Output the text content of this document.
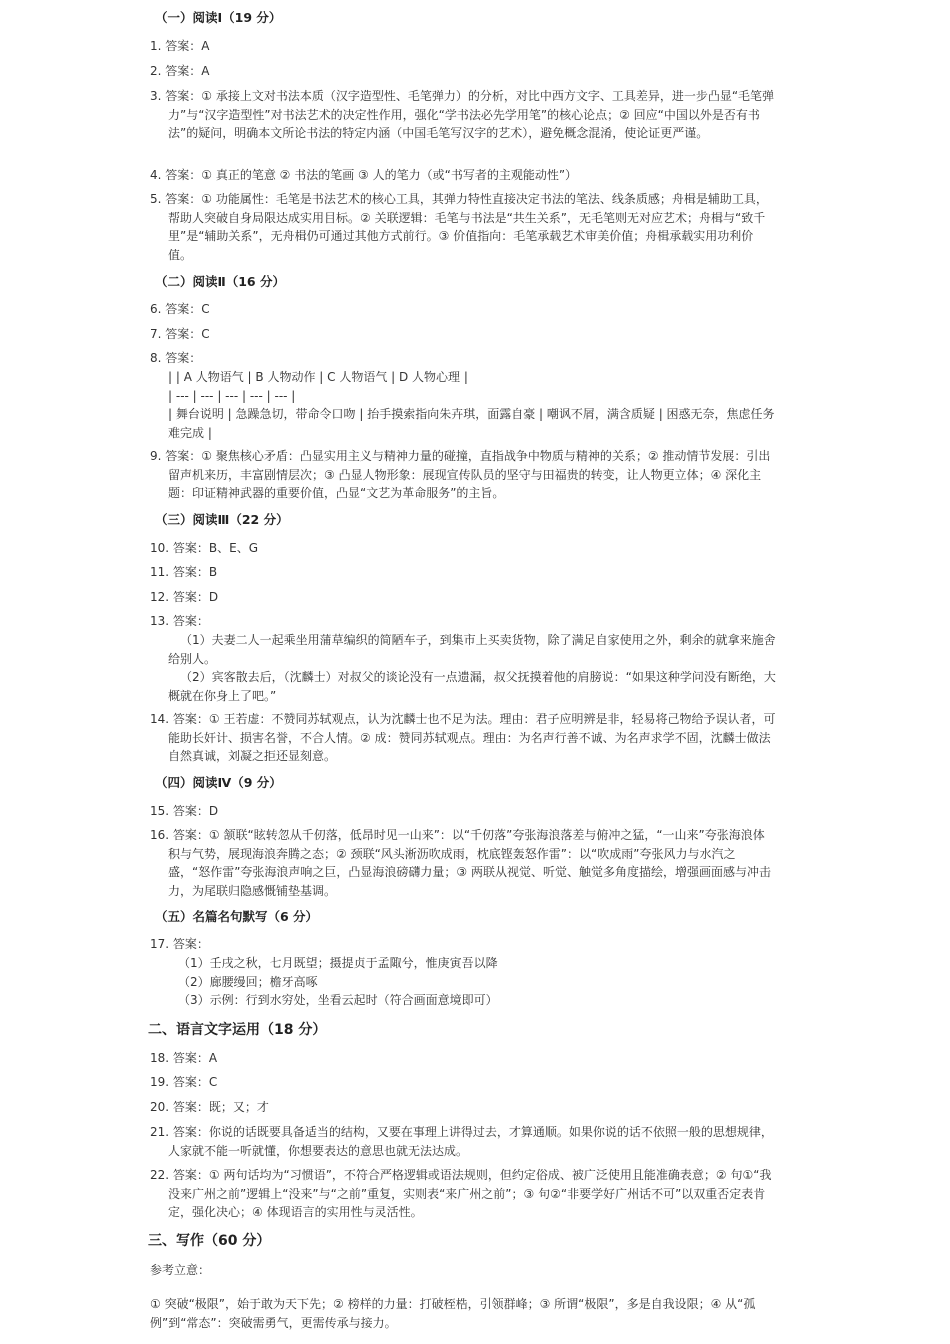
（一）阅读Ⅰ（19 分）
1. 答案：A
2. 答案：A
3. 答案：① 承接上文对书法本质（汉字造型性、毛笔弹力）的分析，对比中西方文字、工具差异，进一步凸显“毛笔弹力”与“汉字造型性”对书法艺术的决定性作用，强化“学书法必先学用笔”的核心论点；② 回应“中国以外是否有书法”的疑问，明确本文所论书法的特定内涵（中国毛笔写汉字的艺术），避免概念混淆，使论证更严谨。
4. 答案：① 真正的笔意 ② 书法的笔画 ③ 人的笔力（或“书写者的主观能动性”）
5. 答案：① 功能属性：毛笔是书法艺术的核心工具，其弹力特性直接决定书法的笔法、线条质感；舟楫是辅助工具，帮助人突破自身局限达成实用目标。② 关联逻辑：毛笔与书法是“共生关系”，无毛笔则无对应艺术；舟楫与“致千里”是“辅助关系”，无舟楫仍可通过其他方式前行。③ 价值指向：毛笔承载艺术审美价值；舟楫承载实用功利价值。
（二）阅读Ⅱ（16 分）
6. 答案：C
7. 答案：C
8. 答案：
| | A 人物语气 | B 人物动作 | C 人物语气 | D 人物心理 |
| --- | --- | --- | --- | --- |
| 舞台说明 | 急躁急切，带命令口吻 | 抬手摸索指向朱卉琪，面露自豪 | 嘲讽不屑，满含质疑 | 困惑无奈，焦虑任务难完成 |
9. 答案：① 聚焦核心矛盾：凸显实用主义与精神力量的碰撞，直指战争中物质与精神的关系；② 推动情节发展：引出留声机来历，丰富剧情层次；③ 凸显人物形象：展现宣传队员的坚守与田福贵的转变，让人物更立体；④ 深化主题：印证精神武器的重要价值，凸显“文艺为革命服务”的主旨。
（三）阅读Ⅲ（22 分）
10. 答案：B、E、G
11. 答案：B
12. 答案：D
13. 答案：
（1）夫妻二人一起乘坐用蒲草编织的简陋车子，到集市上买卖货物，除了满足自家使用之外，剩余的就拿来施舍给别人。
（2）宾客散去后，（沈麟士）对叔父的谈论没有一点遗漏，叔父抚摸着他的肩膀说：“如果这种学问没有断绝，大概就在你身上了吧。”
14. 答案：① 王若虚：不赞同苏轼观点，认为沈麟士也不足为法。理由：君子应明辨是非，轻易将己物给予误认者，可能助长奸计、损害名誉，不合人情。② 成：赞同苏轼观点。理由：为名声行善不诚、为名声求学不固，沈麟士做法自然真诚，刘凝之拒还显刻意。
（四）阅读Ⅳ（9 分）
15. 答案：D
16. 答案：① 颔联“眩转忽从千仞落，低昂时见一山来”：以“千仞落”夸张海浪落差与俯冲之猛，“一山来”夸张海浪体积与气势，展现海浪奔腾之态；② 颈联“风头淅沥吹成雨，枕底铿轰怒作雷”：以“吹成雨”夸张风力与水汽之盛，“怒作雷”夸张海浪声响之巨，凸显海浪磅礴力量；③ 两联从视觉、听觉、触觉多角度描绘，增强画面感与冲击力，为尾联归隐感慨铺垫基调。
（五）名篇名句默写（6 分）
17. 答案：
（1）壬戌之秋，七月既望；摄提贞于孟陬兮，惟庚寅吾以降
（2）廊腰缦回；檐牙高啄
（3）示例：行到水穷处，坐看云起时（符合画面意境即可）
二、语言文字运用（18 分）
18. 答案：A
19. 答案：C
20. 答案：既；又；才
21. 答案：你说的话既要具备适当的结构，又要在事理上讲得过去，才算通顺。如果你说的话不依照一般的思想规律，人家就不能一听就懂，你想要表达的意思也就无法达成。
22. 答案：① 两句话均为“习惯语”，不符合严格逻辑或语法规则，但约定俗成、被广泛使用且能准确表意；② 句①“我没来广州之前”逻辑上“没来”与“之前”重复，实则表“来广州之前”；③ 句②“非要学好广州话不可”以双重否定表肯定，强化决心；④ 体现语言的实用性与灵活性。
三、写作（60 分）
参考立意：
① 突破“极限”，始于敢为天下先；② 榜样的力量：打破桎梏，引领群峰；③ 所谓“极限”，多是自我设限；④ 从“孤例”到“常态”：突破需勇气，更需传承与接力。
